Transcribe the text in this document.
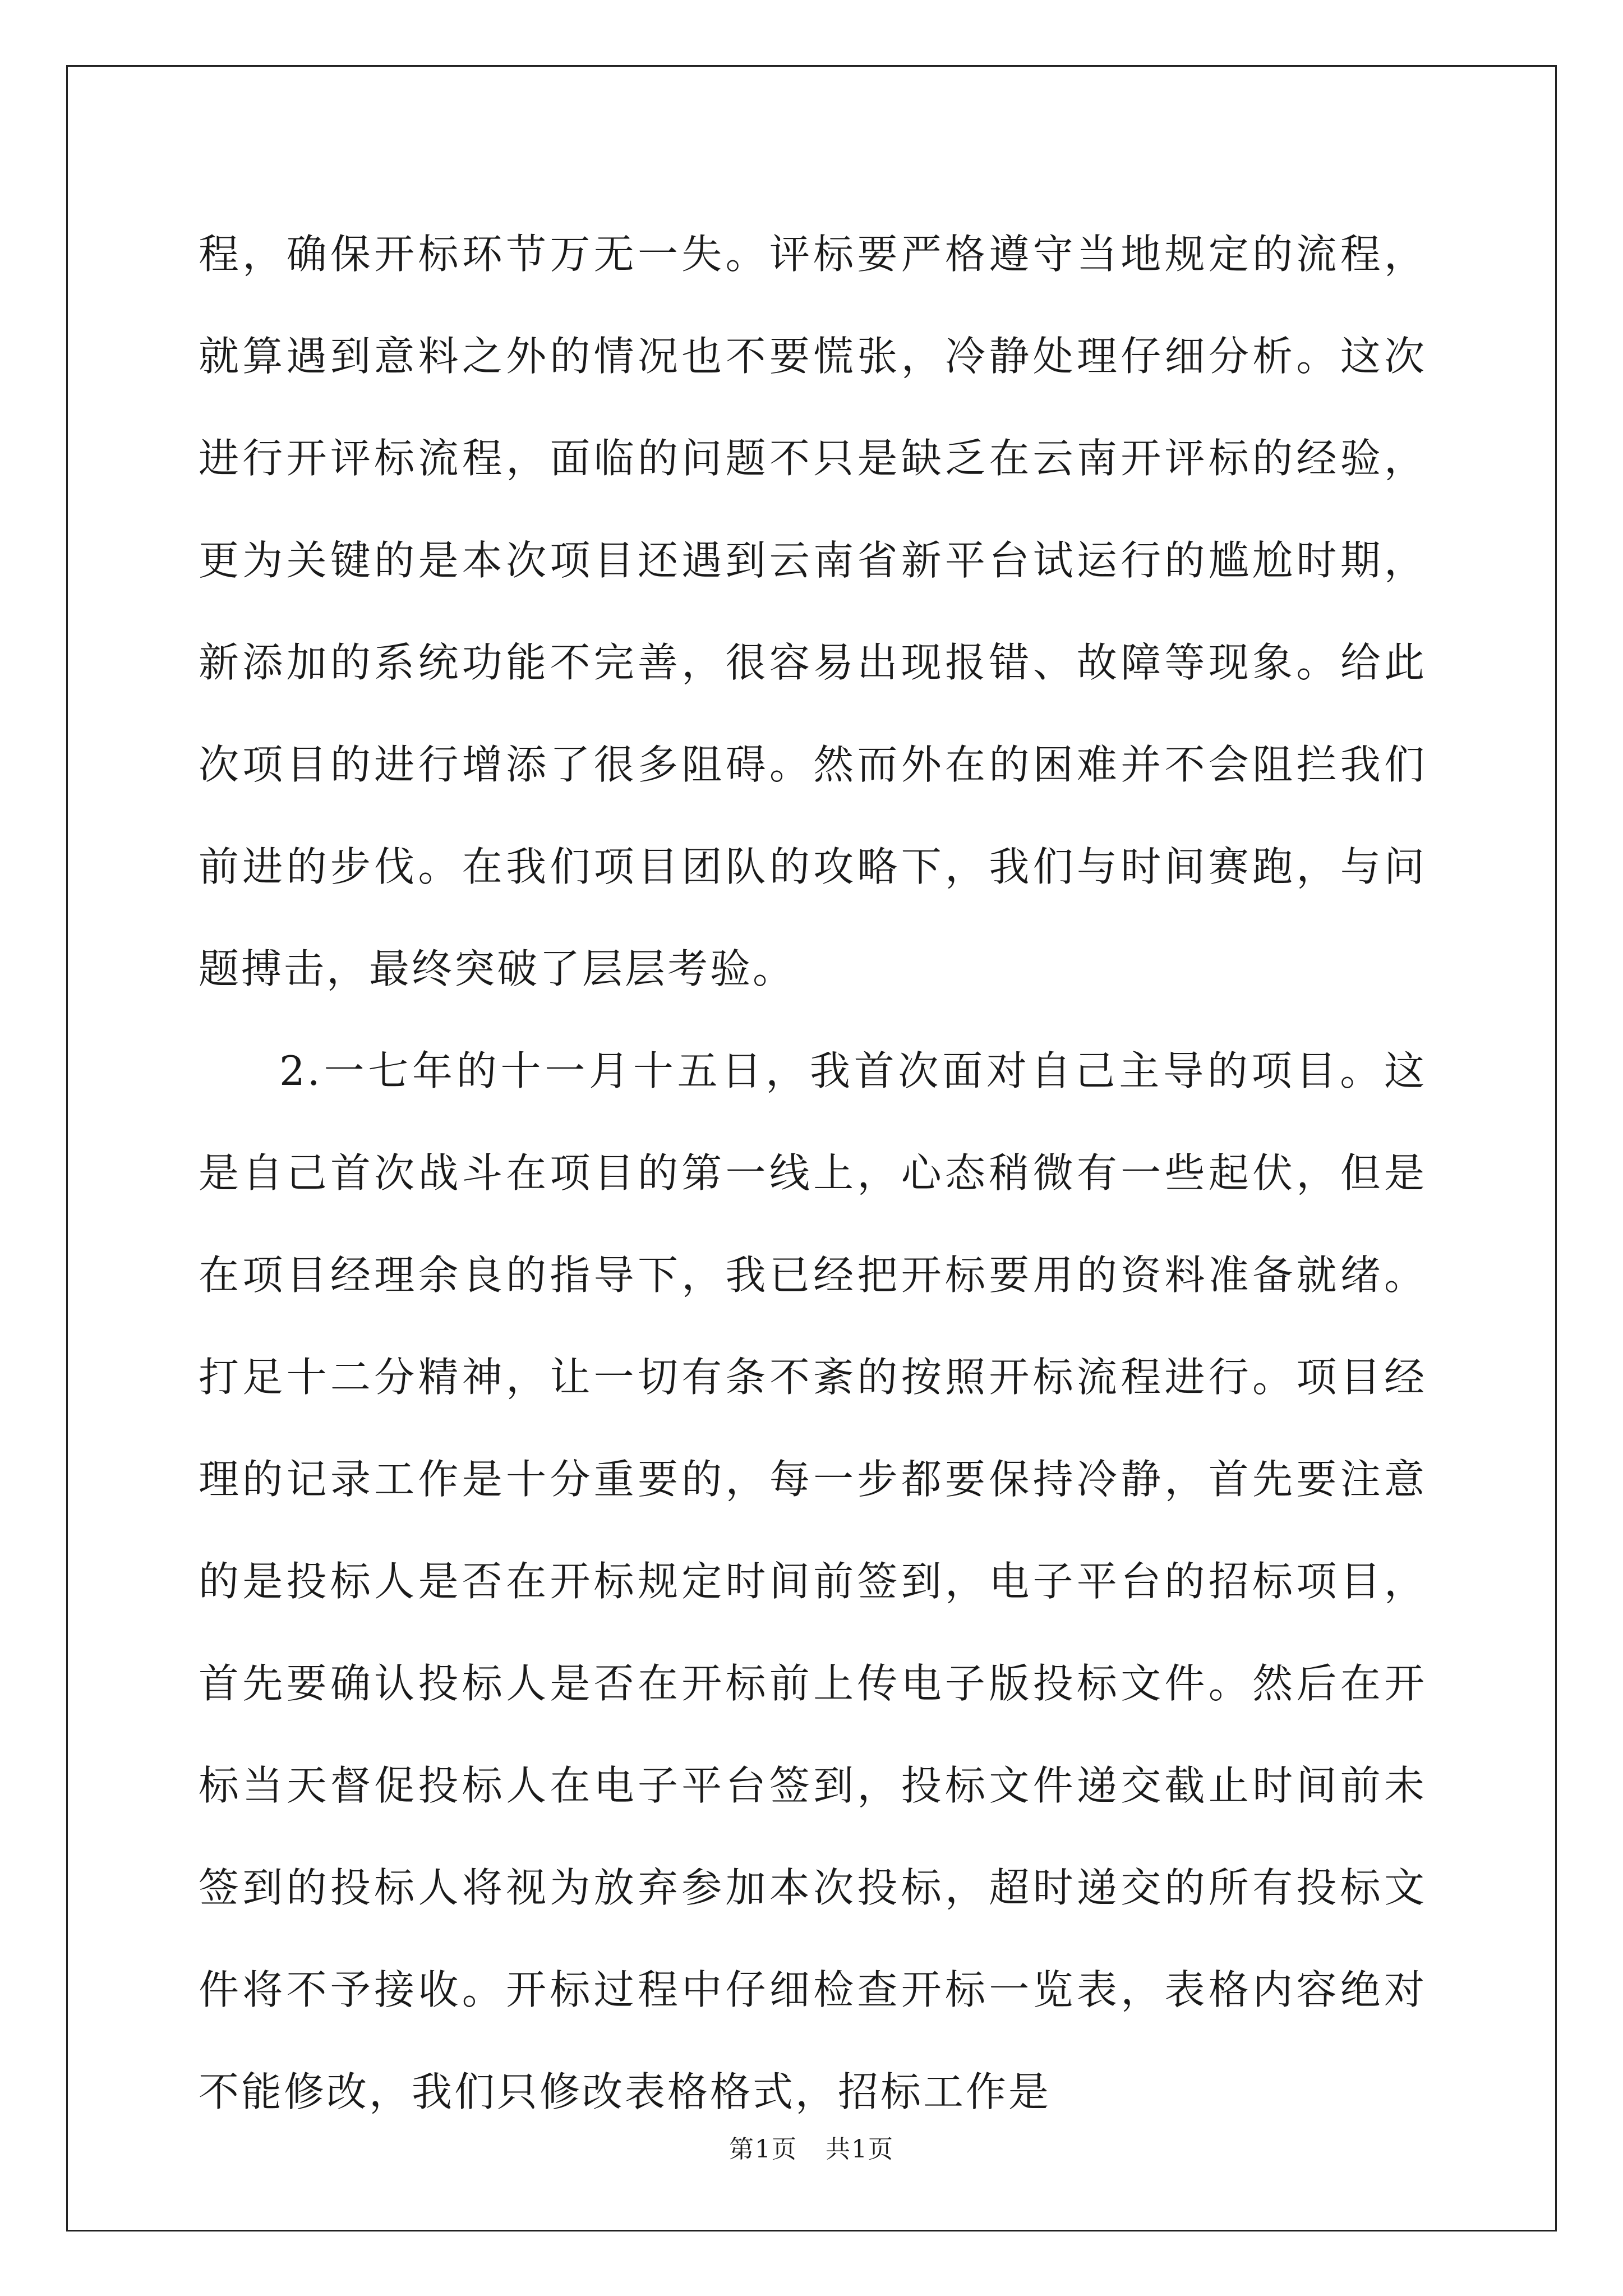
程，确保开标环节万无一失。评标要严格遵守当地规定的流程，就算遇到意料之外的情况也不要慌张，冷静处理仔细分析。这次进行开评标流程，面临的问题不只是缺乏在云南开评标的经验，更为关键的是本次项目还遇到云南省新平台试运行的尴尬时期，新添加的系统功能不完善，很容易出现报错、故障等现象。给此次项目的进行增添了很多阻碍。然而外在的困难并不会阻拦我们前进的步伐。在我们项目团队的攻略下，我们与时间赛跑，与问题搏击，最终突破了层层考验。

2.一七年的十一月十五日，我首次面对自己主导的项目。这是自己首次战斗在项目的第一线上，心态稍微有一些起伏，但是在项目经理余良的指导下，我已经把开标要用的资料准备就绪。打足十二分精神，让一切有条不紊的按照开标流程进行。项目经理的记录工作是十分重要的，每一步都要保持冷静，首先要注意的是投标人是否在开标规定时间前签到，电子平台的招标项目，首先要确认投标人是否在开标前上传电子版投标文件。然后在开标当天督促投标人在电子平台签到，投标文件递交截止时间前未签到的投标人将视为放弃参加本次投标，超时递交的所有投标文件将不予接收。开标过程中仔细检查开标一览表，表格内容绝对不能修改，我们只修改表格格式，招标工作是

第1页 共1页
